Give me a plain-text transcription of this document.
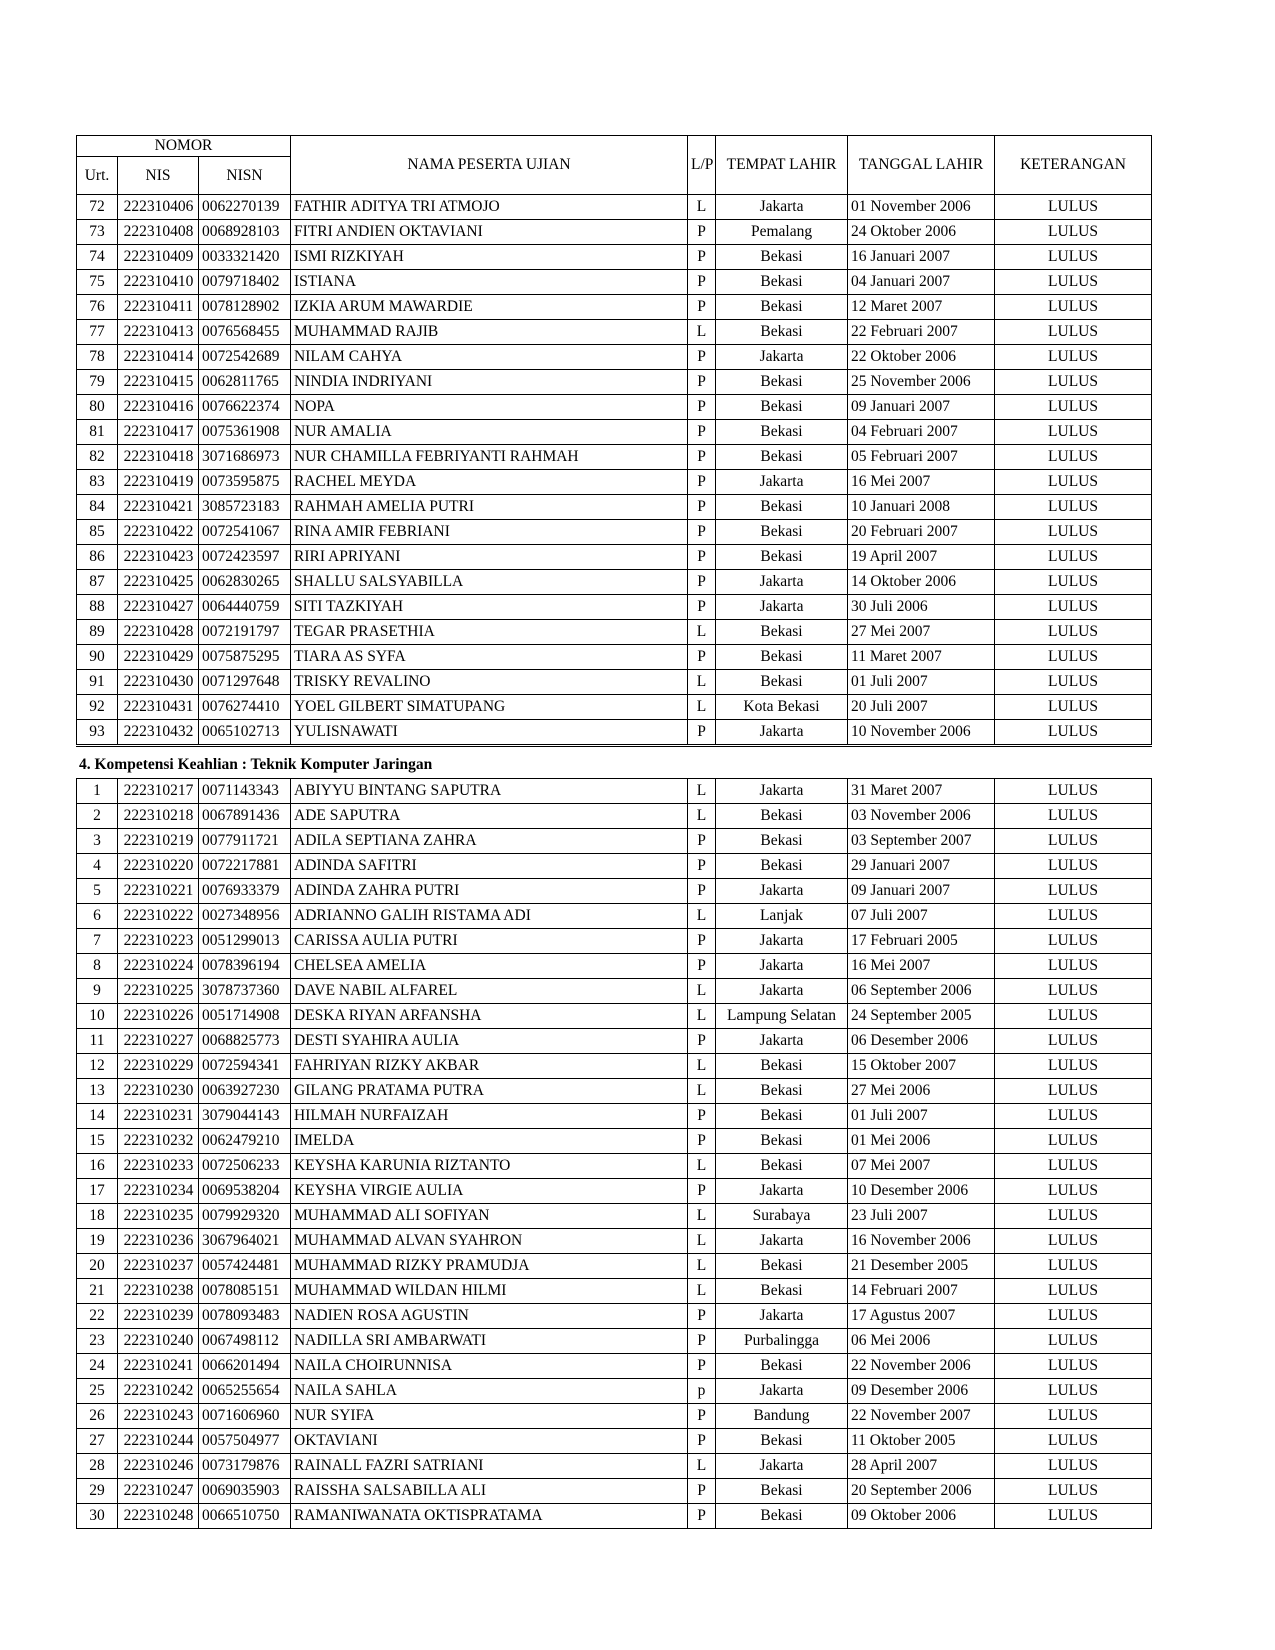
NOMOR			NAMA PESERTA UJIAN	L/P	TEMPAT LAHIR	TANGGAL LAHIR	KETERANGAN
Urt.	NIS	NISN					
72	222310406	0062270139	FATHIR ADITYA TRI ATMOJO	L	Jakarta	01 November 2006	LULUS
73	222310408	0068928103	FITRI ANDIEN OKTAVIANI	P	Pemalang	24 Oktober 2006	LULUS
74	222310409	0033321420	ISMI RIZKIYAH	P	Bekasi	16 Januari 2007	LULUS
75	222310410	0079718402	ISTIANA	P	Bekasi	04 Januari 2007	LULUS
76	222310411	0078128902	IZKIA ARUM MAWARDIE	P	Bekasi	12 Maret 2007	LULUS
77	222310413	0076568455	MUHAMMAD RAJIB	L	Bekasi	22 Februari 2007	LULUS
78	222310414	0072542689	NILAM CAHYA	P	Jakarta	22 Oktober 2006	LULUS
79	222310415	0062811765	NINDIA INDRIYANI	P	Bekasi	25 November 2006	LULUS
80	222310416	0076622374	NOPA	P	Bekasi	09 Januari 2007	LULUS
81	222310417	0075361908	NUR AMALIA	P	Bekasi	04 Februari 2007	LULUS
82	222310418	3071686973	NUR CHAMILLA FEBRIYANTI RAHMAH	P	Bekasi	05 Februari 2007	LULUS
83	222310419	0073595875	RACHEL MEYDA	P	Jakarta	16 Mei 2007	LULUS
84	222310421	3085723183	RAHMAH AMELIA PUTRI	P	Bekasi	10 Januari 2008	LULUS
85	222310422	0072541067	RINA AMIR FEBRIANI	P	Bekasi	20 Februari 2007	LULUS
86	222310423	0072423597	RIRI APRIYANI	P	Bekasi	19 April 2007	LULUS
87	222310425	0062830265	SHALLU SALSYABILLA	P	Jakarta	14 Oktober 2006	LULUS
88	222310427	0064440759	SITI TAZKIYAH	P	Jakarta	30 Juli 2006	LULUS
89	222310428	0072191797	TEGAR PRASETHIA	L	Bekasi	27 Mei 2007	LULUS
90	222310429	0075875295	TIARA AS SYFA	P	Bekasi	11 Maret 2007	LULUS
91	222310430	0071297648	TRISKY REVALINO	L	Bekasi	01 Juli 2007	LULUS
92	222310431	0076274410	YOEL GILBERT SIMATUPANG	L	Kota Bekasi	20 Juli 2007	LULUS
93	222310432	0065102713	YULISNAWATI	P	Jakarta	10 November 2006	LULUS
4. Kompetensi Keahlian : Teknik Komputer Jaringan
1	222310217	0071143343	ABIYYU BINTANG SAPUTRA	L	Jakarta	31 Maret 2007	LULUS
2	222310218	0067891436	ADE SAPUTRA	L	Bekasi	03 November 2006	LULUS
3	222310219	0077911721	ADILA SEPTIANA ZAHRA	P	Bekasi	03 September 2007	LULUS
4	222310220	0072217881	ADINDA SAFITRI	P	Bekasi	29 Januari 2007	LULUS
5	222310221	0076933379	ADINDA ZAHRA PUTRI	P	Jakarta	09 Januari 2007	LULUS
6	222310222	0027348956	ADRIANNO GALIH RISTAMA ADI	L	Lanjak	07 Juli 2007	LULUS
7	222310223	0051299013	CARISSA AULIA PUTRI	P	Jakarta	17 Februari 2005	LULUS
8	222310224	0078396194	CHELSEA AMELIA	P	Jakarta	16 Mei 2007	LULUS
9	222310225	3078737360	DAVE NABIL ALFAREL	L	Jakarta	06 September 2006	LULUS
10	222310226	0051714908	DESKA RIYAN ARFANSHA	L	Lampung Selatan	24 September 2005	LULUS
11	222310227	0068825773	DESTI SYAHIRA AULIA	P	Jakarta	06 Desember 2006	LULUS
12	222310229	0072594341	FAHRIYAN RIZKY AKBAR	L	Bekasi	15 Oktober 2007	LULUS
13	222310230	0063927230	GILANG PRATAMA PUTRA	L	Bekasi	27 Mei 2006	LULUS
14	222310231	3079044143	HILMAH NURFAIZAH	P	Bekasi	01 Juli 2007	LULUS
15	222310232	0062479210	IMELDA	P	Bekasi	01 Mei 2006	LULUS
16	222310233	0072506233	KEYSHA KARUNIA RIZTANTO	L	Bekasi	07 Mei 2007	LULUS
17	222310234	0069538204	KEYSHA VIRGIE AULIA	P	Jakarta	10 Desember 2006	LULUS
18	222310235	0079929320	MUHAMMAD ALI SOFIYAN	L	Surabaya	23 Juli 2007	LULUS
19	222310236	3067964021	MUHAMMAD ALVAN SYAHRON	L	Jakarta	16 November 2006	LULUS
20	222310237	0057424481	MUHAMMAD RIZKY PRAMUDJA	L	Bekasi	21 Desember 2005	LULUS
21	222310238	0078085151	MUHAMMAD WILDAN HILMI	L	Bekasi	14 Februari 2007	LULUS
22	222310239	0078093483	NADIEN ROSA AGUSTIN	P	Jakarta	17 Agustus 2007	LULUS
23	222310240	0067498112	NADILLA SRI AMBARWATI	P	Purbalingga	06 Mei 2006	LULUS
24	222310241	0066201494	NAILA CHOIRUNNISA	P	Bekasi	22 November 2006	LULUS
25	222310242	0065255654	NAILA SAHLA	p	Jakarta	09 Desember 2006	LULUS
26	222310243	0071606960	NUR SYIFA	P	Bandung	22 November 2007	LULUS
27	222310244	0057504977	OKTAVIANI	P	Bekasi	11 Oktober 2005	LULUS
28	222310246	0073179876	RAINALL FAZRI SATRIANI	L	Jakarta	28 April 2007	LULUS
29	222310247	0069035903	RAISSHA SALSABILLA ALI	P	Bekasi	20 September 2006	LULUS
30	222310248	0066510750	RAMANIWANATA OKTISPRATAMA	P	Bekasi	09 Oktober 2006	LULUS
